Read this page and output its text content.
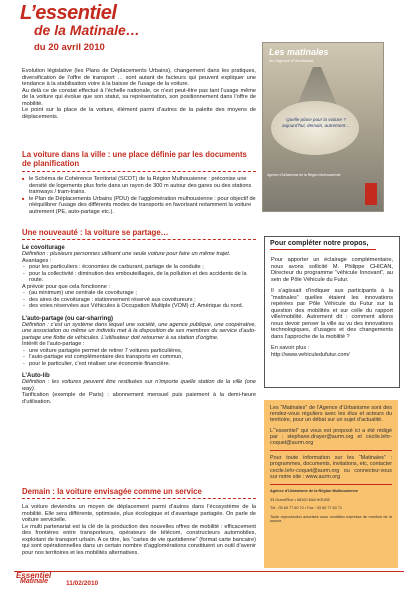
L’essentiel
de la Matinale…
du 20 avril 2010
Evolution législative (les Plans de Déplacements Urbains), changement dans les pratiques, diversification de l’offre de transport … sont autant de facteurs qui peuvent expliquer une tendance à la stabilisation voire à la baisse de l’usage de la voiture.
Au delà ce de constat effectué à l’échelle nationale, ce n’est peut-être pas tant l’usage même de la voiture qui évolue que son statut, sa représentation, son positionnement dans l’offre de mobilité.
Le point sur la place de la voiture, élément parmi d’autres de la palette des moyens de déplacements.
La voiture dans la ville : une place définie par les documents de planification
■ le Schéma de Cohérence Territorial (SCOT) de la Région Mulhousienne : préconise une densité de logements plus forte dans un rayon de 300 m autour des gares ou des stations tramways / tram-trains.
■ le Plan de Déplacements Urbains (PDU) de l’agglomération mulhousienne : pour objectif de rééquilibrer l’usage des différents modes de transports en favorisant notamment la voiture autrement (PE, auto-partage etc.).
Une nouveauté : la voiture se partage…
Le covoiturage
Définition : plusieurs personnes utilisent une seule voiture pour faire un même trajet.
Avantages :
- pour les particuliers : économies de carburant, partage de la conduite ;
- pour la collectivité : diminution des embouteillages, de la pollution et des accidents de la route.
A prévoir pour que cela fonctionne :
- (au minimum) une centrale de covoiturage ;
- des aires de covoiturage : stationnement réservé aux covoitureurs ;
- des voies réservées aux Véhicules à Occupation Multiple (VOM) cf. Amérique du nord.
L’auto-partage (ou car-sharring)
Définition : c’est un système dans lequel une société, une agence publique, une coopérative, une association ou même un individu met à la disposition de ses membres du service d’auto-partage une flotte de véhicules. L’utilisateur doit retourner à sa station d’origine.
Intérêt de l’auto-partage :
- une voiture partagée permet de retirer 7 voitures particulières,
- l’auto-partage est complémentaire des transports en commun,
- pour le particulier, c’est réaliser une économie financière.
L’Auto-lib
Définition : les voitures peuvent être restituées sur n’importe quelle station de la ville (one way).
Tarification (exemple de Paris) : abonnement mensuel puis paiement à la demi-heure d’utilisation.
Demain : la voiture envisagée comme un service
La voiture deviendra un moyen de déplacement parmi d’autres dans l’écosystème de la mobilité. Elle sera différente, optimisée, plus écologique et d’avantage partagée. On parle de voiture servicielle.
Le multi partenariat est la clé de la production des nouvelles offres de mobilité : efficacement des frontières entre transporteurs, opérateurs de télécom, constructeurs automobiles, exploitant de transport urbain. A ce titre, les “cartes de vie quotidienne” (format carte bancaire) qui sont opérationnelles dans un certain nombre d’agglomérations constituent un outil d’avenir pour nos territoires et les mobilités alternatives.
Les matinales
de l’Agence d’Urbanisme
Quelle place pour la voiture ? aujourd’hui, demain, autrement…
Agence d’Urbanisme de la Région Mulhousienne
Pour compléter notre propos,

Pour apporter un éclairage complémentaire, nous avons sollicité M. Philippe CHICAN, Directeur du programme “véhicule Innovant”, au sein de Pôle Véhicule du Futur.

Il s’agissait d’indiquer aux participants à la “matinales” quelles étaient les innovations repérées par Pôle Véhicule du Futur sur la question des mobilités et sur celle du rapport ville/mobilité. Autrement dit : comment allons nous devoir penser la ville au vu des innovations technologiques, d’usages et des changements dans l’approche de la mobilité ?

En savoir plus :

http://www.vehiculedufutur.com/

Les “Matinales” de l’Agence d’Urbanisme sont des rendez-vous réguliers avec les élus et acteurs du territoire, pour un débat sur un sujet d’actualité.

L’“essentiel” qui vous est proposé ici a été rédigé par : stephane.drayer@aurm.org et cecile.lehr-coquet@aurm.org

Pour toute information sur les “Matinales” : programmes, documents, invitations, etc, contacter cecile.lehr-coquet@aurm.org ou connectez-vous sur notre site : www.aurm.org

Agence d’Urbanisme de la Région Mulhousienne

33 Grand'Rue • 68100 MULHOUSE

Tél : 03 69 77 60 70 • Fax : 03 69 77 60 71

Toute reproduction autorisée sous condition expresse de mention de la source.

Essentiel
Matinale	11/02/2010
